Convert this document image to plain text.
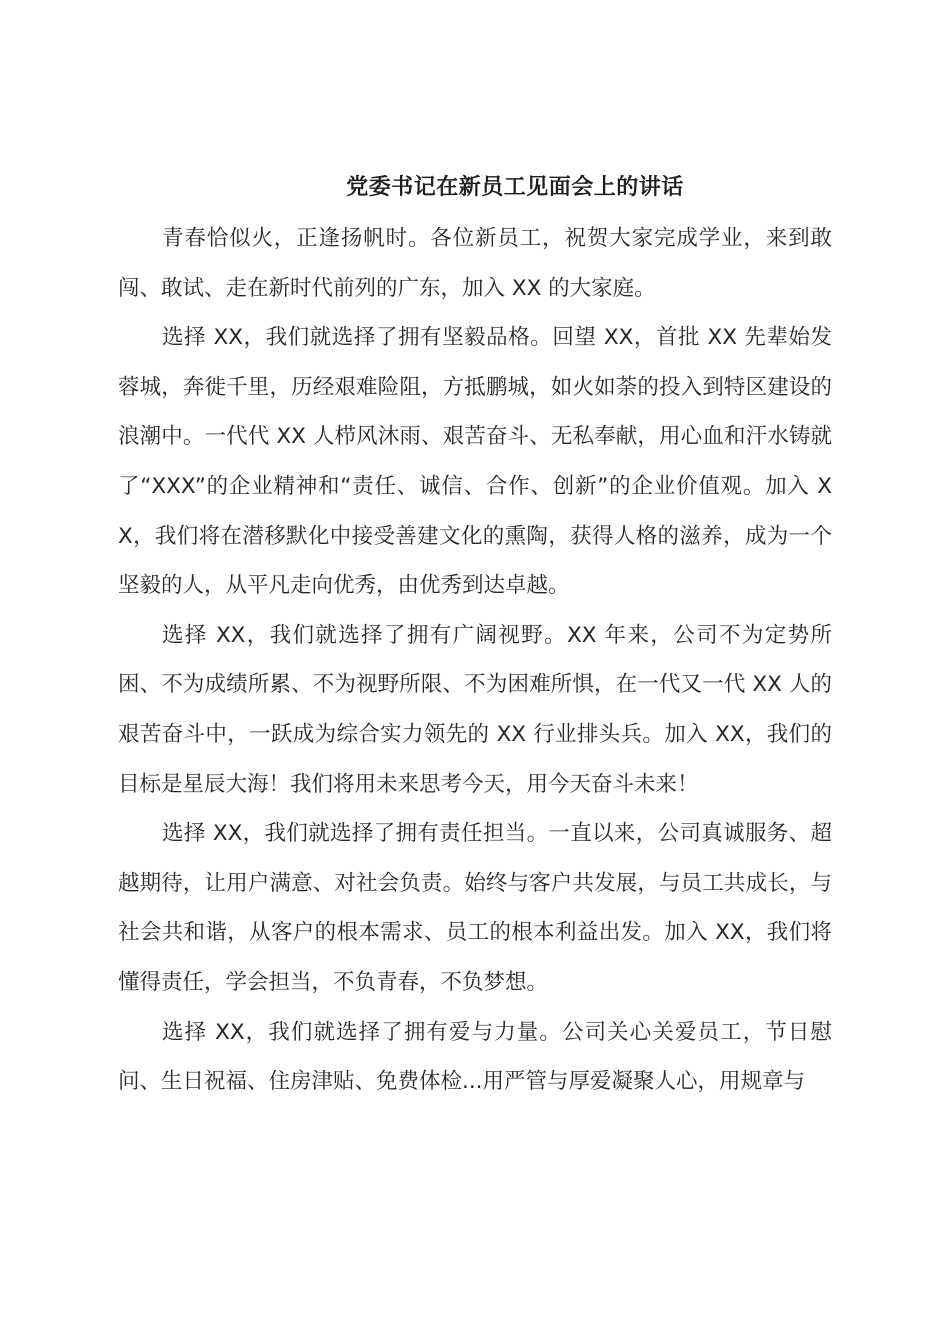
党委书记在新员工见面会上的讲话

青春恰似火，正逢扬帆时。各位新员工，祝贺大家完成学业，来到敢闯、敢试、走在新时代前列的广东，加入 XX 的大家庭。

选择 XX，我们就选择了拥有坚毅品格。回望 XX，首批 XX 先辈始发蓉城，奔徙千里，历经艰难险阻，方抵鹏城，如火如荼的投入到特区建设的浪潮中。一代代 XX 人栉风沐雨、艰苦奋斗、无私奉献，用心血和汗水铸就了“XXX”的企业精神和“责任、诚信、合作、创新”的企业价值观。加入 XX，我们将在潜移默化中接受善建文化的熏陶，获得人格的滋养，成为一个坚毅的人，从平凡走向优秀，由优秀到达卓越。

选择 XX，我们就选择了拥有广阔视野。XX 年来，公司不为定势所困、不为成绩所累、不为视野所限、不为困难所惧，在一代又一代 XX 人的艰苦奋斗中，一跃成为综合实力领先的 XX 行业排头兵。加入 XX，我们的目标是星辰大海！我们将用未来思考今天，用今天奋斗未来！

选择 XX，我们就选择了拥有责任担当。一直以来，公司真诚服务、超越期待，让用户满意、对社会负责。始终与客户共发展，与员工共成长，与社会共和谐，从客户的根本需求、员工的根本利益出发。加入 XX，我们将懂得责任，学会担当，不负青春，不负梦想。

选择 XX，我们就选择了拥有爱与力量。公司关心关爱员工，节日慰问、生日祝福、住房津贴、免费体检...用严管与厚爱凝聚人心，用规章与
